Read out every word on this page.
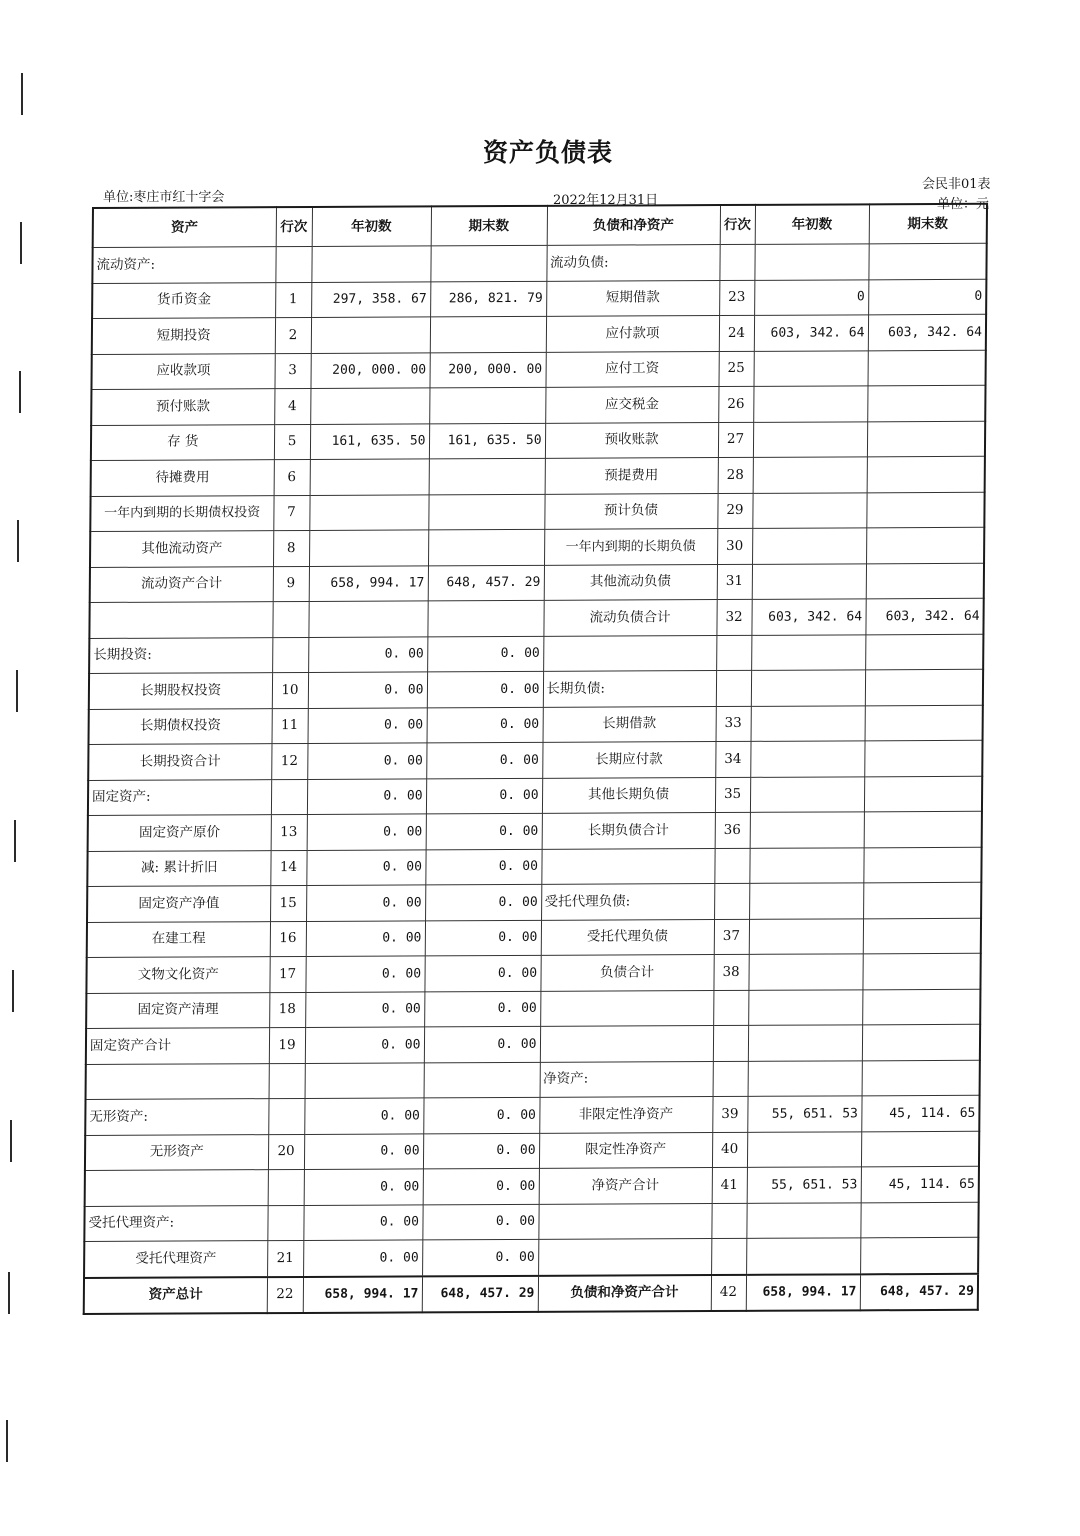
资产负债表
单位:枣庄市红十字会	2022年12月31日
会民非01表
单位：元
资产	行次	年初数	期末数	负债和净资产	行次	年初数	期末数
流动资产:				流动负债:			
货币资金	1	297, 358. 67	286, 821. 79	短期借款	23	0	0
短期投资	2			应付款项	24	603, 342. 64	603, 342. 64
应收款项	3	200, 000. 00	200, 000. 00	应付工资	25		
预付账款	4			应交税金	26		
存 货	5	161, 635. 50	161, 635. 50	预收账款	27		
待摊费用	6			预提费用	28		
一年内到期的长期债权投资	7			预计负债	29		
其他流动资产	8			一年内到期的长期负债	30		
流动资产合计	9	658, 994. 17	648, 457. 29	其他流动负债	31		
				流动负债合计	32	603, 342. 64	603, 342. 64
长期投资:		0. 00	0. 00				
长期股权投资	10	0. 00	0. 00	长期负债:			
长期债权投资	11	0. 00	0. 00	长期借款	33		
长期投资合计	12	0. 00	0. 00	长期应付款	34		
固定资产:		0. 00	0. 00	其他长期负债	35		
固定资产原价	13	0. 00	0. 00	长期负债合计	36		
减: 累计折旧	14	0. 00	0. 00				
固定资产净值	15	0. 00	0. 00	受托代理负债:			
在建工程	16	0. 00	0. 00	受托代理负债	37		
文物文化资产	17	0. 00	0. 00	负债合计	38		
固定资产清理	18	0. 00	0. 00				
固定资产合计	19	0. 00	0. 00				
				净资产:			
无形资产:		0. 00	0. 00	非限定性净资产	39	55, 651. 53	45, 114. 65
无形资产	20	0. 00	0. 00	限定性净资产	40		
		0. 00	0. 00	净资产合计	41	55, 651. 53	45, 114. 65
受托代理资产:		0. 00	0. 00				
受托代理资产	21	0. 00	0. 00				
资产总计	22	658, 994. 17	648, 457. 29	负债和净资产合计	42	658, 994. 17	648, 457. 29
